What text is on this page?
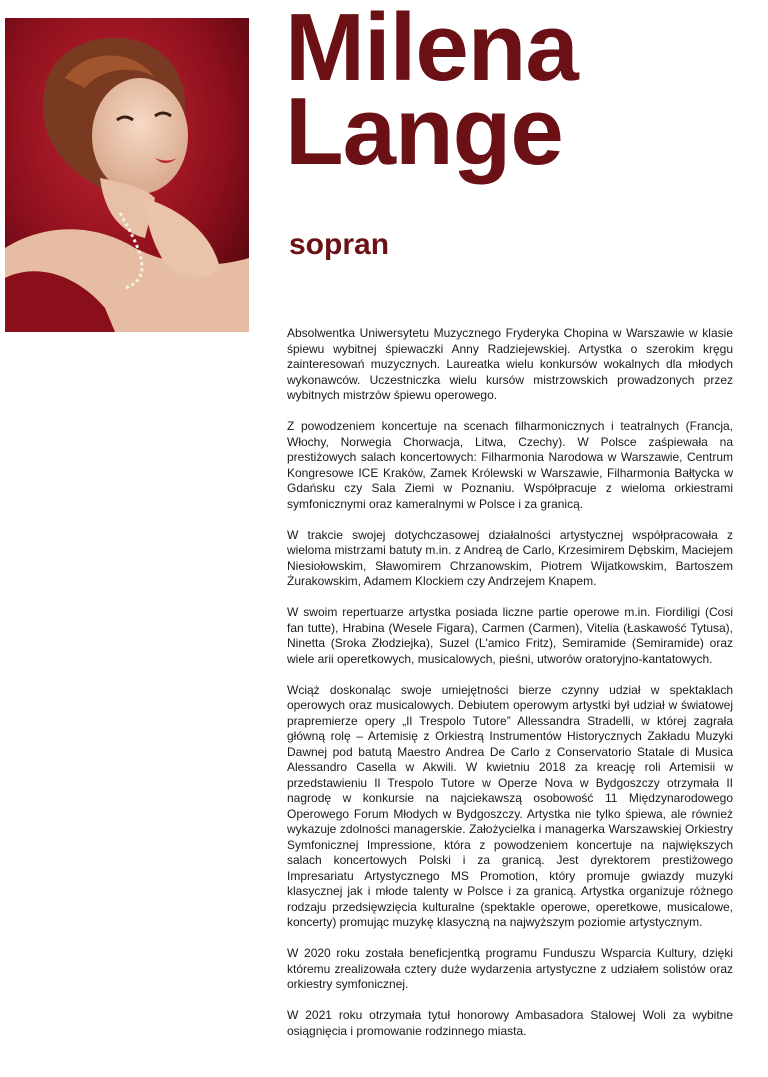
Milena
Lange
sopran

Absolwentka Uniwersytetu Muzycznego Fryderyka Chopina w Warszawie w klasie śpiewu wybitnej śpiewaczki Anny Radziejewskiej. Artystka o szerokim kręgu zainteresowań muzycznych. Laureatka wielu konkursów wokalnych dla młodych wykonawców. Uczestniczka wielu kursów mistrzowskich prowadzonych przez wybitnych mistrzów śpiewu operowego.

Z powodzeniem koncertuje na scenach filharmonicznych i teatralnych (Francja, Włochy, Norwegia Chorwacja, Litwa, Czechy). W Polsce zaśpiewała na prestiżowych salach koncertowych: Filharmonia Narodowa w Warszawie, Centrum Kongresowe ICE Kraków, Zamek Królewski w Warszawie, Filharmonia Bałtycka w Gdańsku czy Sala Ziemi w Poznaniu. Współpracuje z wieloma orkiestrami symfonicznymi oraz kameralnymi w Polsce i za granicą.

W trakcie swojej dotychczasowej działalności artystycznej współpracowała z wieloma mistrzami batuty m.in. z Andreą de Carlo, Krzesimirem Dębskim, Maciejem Niesiołowskim, Sławomirem Chrzanowskim, Piotrem Wijatkowskim, Bartoszem Żurakowskim, Adamem Klockiem czy Andrzejem Knapem.

W swoim repertuarze artystka posiada liczne partie operowe m.in. Fiordiligi (Cosi fan tutte), Hrabina (Wesele Figara), Carmen (Carmen), Vitelia (Łaskawość Tytusa), Ninetta (Sroka Złodziejka), Suzel (L'amico Fritz), Semiramide (Semiramide) oraz wiele arii operetkowych, musicalowych, pieśni, utworów oratoryjno-kantatowych.

Wciąż doskonaląc swoje umiejętności bierze czynny udział w spektaklach operowych oraz musicalowych. Debiutem operowym artystki był udział w światowej prapremierze opery „Il Trespolo Tutore” Allessandra Stradelli, w której zagrała główną rolę – Artemisię z Orkiestrą Instrumentów Historycznych Zakładu Muzyki Dawnej pod batutą Maestro Andrea De Carlo z Conservatorio Statale di Musica Alessandro Casella w Akwili. W kwietniu 2018 za kreację roli Artemisii w przedstawieniu Il Trespolo Tutore w Operze Nova w Bydgoszczy otrzymała II nagrodę w konkursie na najciekawszą osobowość 11 Międzynarodowego Operowego Forum Młodych w Bydgoszczy. Artystka nie tylko śpiewa, ale również wykazuje zdolności managerskie. Założycielka i managerka Warszawskiej Orkiestry Symfonicznej Impressione, która z powodzeniem koncertuje na największych salach koncertowych Polski i za granicą. Jest dyrektorem prestiżowego Impresariatu Artystycznego MS Promotion, który promuje gwiazdy muzyki klasycznej jak i młode talenty w Polsce i za granicą. Artystka organizuje różnego rodzaju przedsięwzięcia kulturalne (spektakle operowe, operetkowe, musicalowe, koncerty) promując muzykę klasyczną na najwyższym poziomie artystycznym.

W 2020 roku została beneficjentką programu Funduszu Wsparcia Kultury, dzięki któremu zrealizowała cztery duże wydarzenia artystyczne z udziałem solistów oraz orkiestry symfonicznej.

W 2021 roku otrzymała tytuł honorowy Ambasadora Stalowej Woli za wybitne osiągnięcia i promowanie rodzinnego miasta.
